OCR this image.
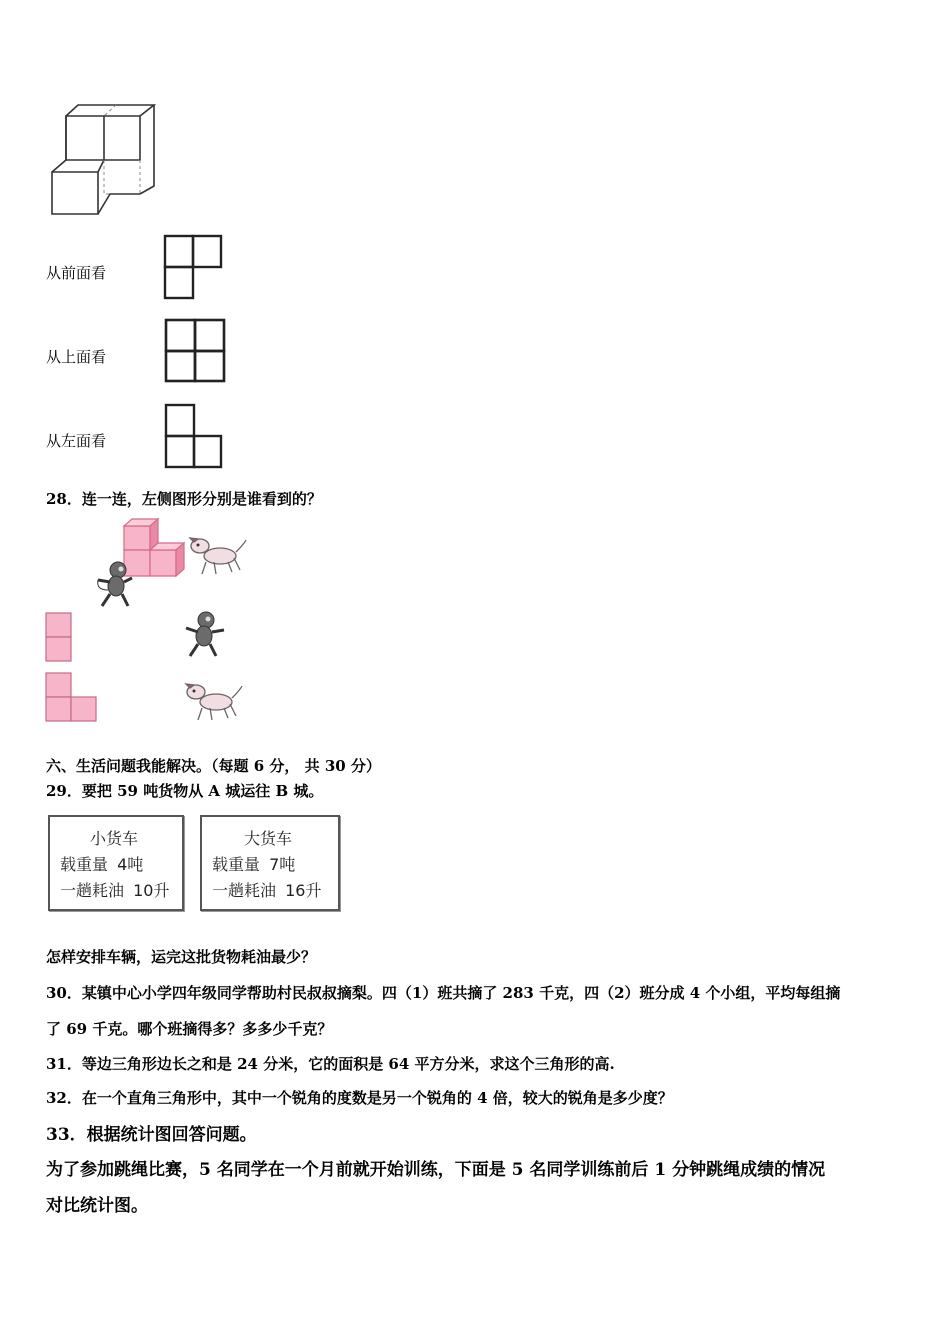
从前面看
从上面看
从左面看
28．连一连，左侧图形分别是谁看到的？
六、生活问题我能解决。（每题 6 分， 共 30 分）
29．要把 59 吨货物从 A 城运往 B 城。
小货车
载重量 4吨
一趟耗油 10升
大货车
载重量 7吨
一趟耗油 16升
怎样安排车辆，运完这批货物耗油最少？
30．某镇中心小学四年级同学帮助村民叔叔摘梨。四（1）班共摘了 283 千克，四（2）班分成 4 个小组，平均每组摘
了 69 千克。哪个班摘得多？多多少千克？
31．等边三角形边长之和是 24 分米，它的面积是 64 平方分米，求这个三角形的高.
32．在一个直角三角形中，其中一个锐角的度数是另一个锐角的 4 倍，较大的锐角是多少度？
33．根据统计图回答问题。
为了参加跳绳比赛，5 名同学在一个月前就开始训练，下面是 5 名同学训练前后 1 分钟跳绳成绩的情况
对比统计图。
